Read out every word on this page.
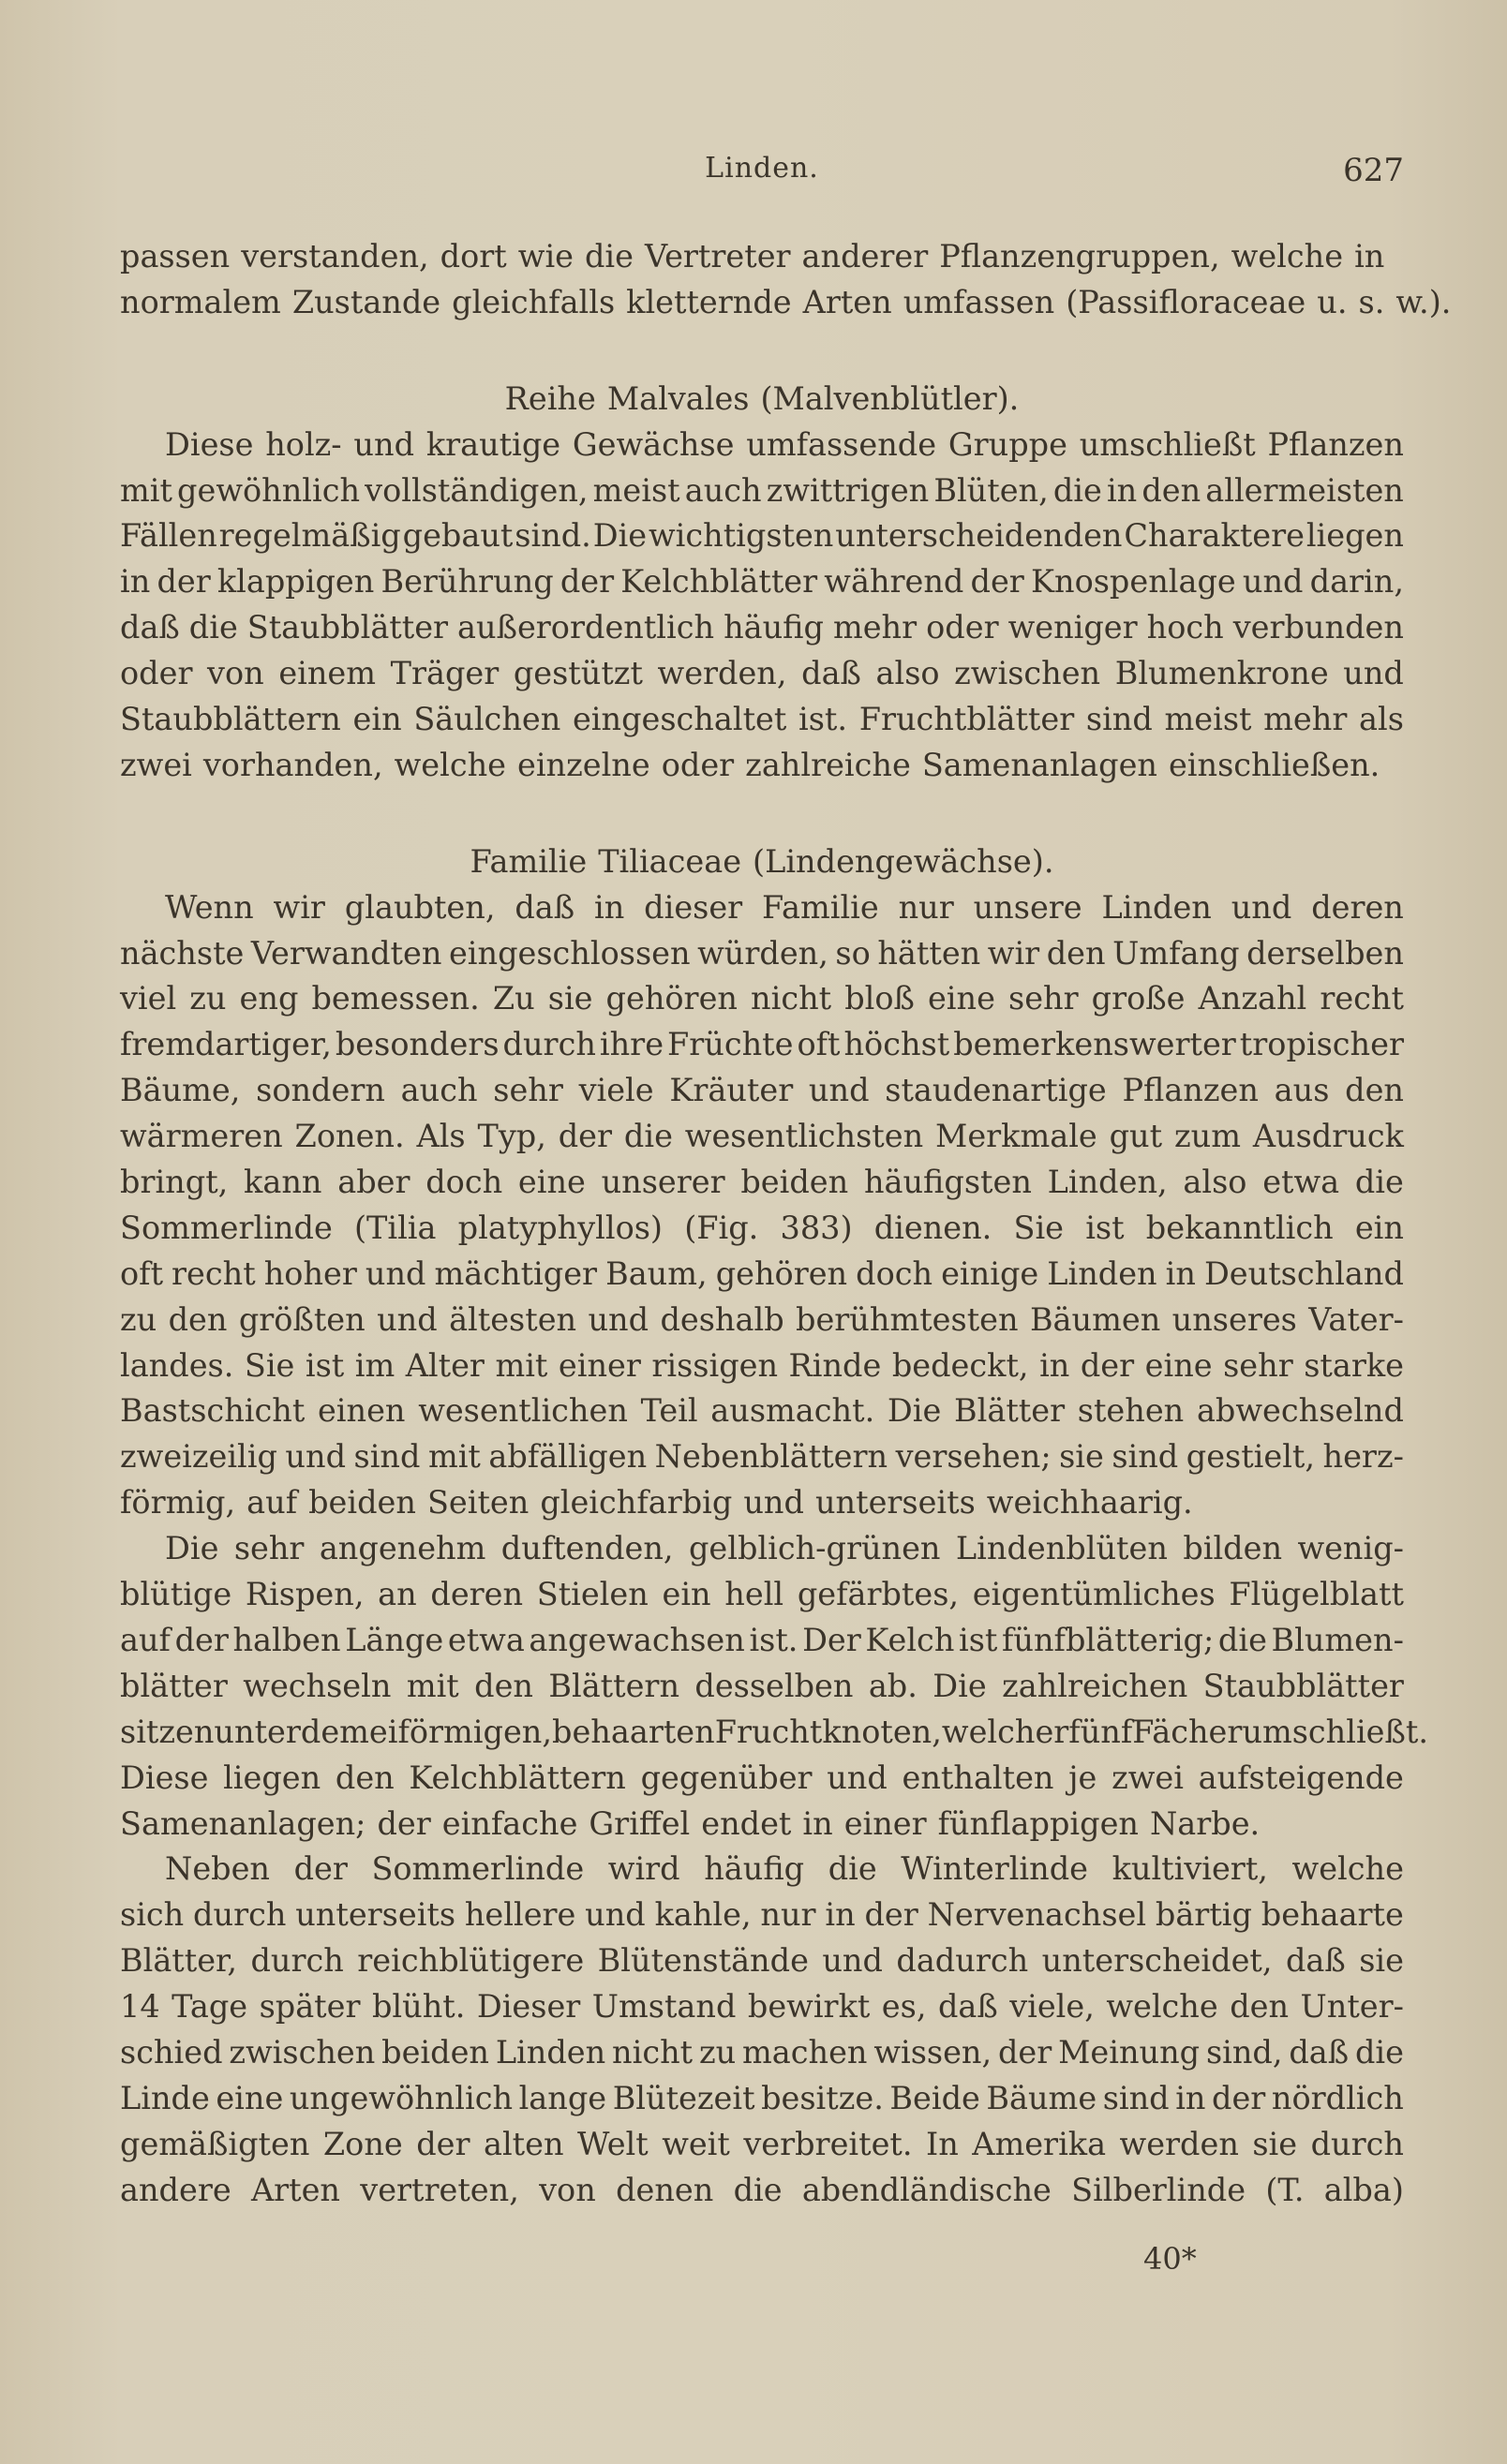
Linden.	627
passen verstanden, dort wie die Vertreter anderer Pflanzengruppen, welche in
normalem Zustande gleichfalls kletternde Arten umfassen (Passifloraceae u. s. w.).
Reihe Malvales (Malvenblütler).
Diese holz- und krautige Gewächse umfassende Gruppe umschließt Pflanzen
mit gewöhnlich vollständigen, meist auch zwittrigen Blüten, die in den allermeisten
Fällen regelmäßig gebaut sind. Die wichtigsten unterscheidenden Charaktere liegen
in der klappigen Berührung der Kelchblätter während der Knospenlage und darin,
daß die Staubblätter außerordentlich häufig mehr oder weniger hoch verbunden
oder von einem Träger gestützt werden, daß also zwischen Blumenkrone und
Staubblättern ein Säulchen eingeschaltet ist. Fruchtblätter sind meist mehr als
zwei vorhanden, welche einzelne oder zahlreiche Samenanlagen einschließen.
Familie Tiliaceae (Lindengewächse).
Wenn wir glaubten, daß in dieser Familie nur unsere Linden und deren
nächste Verwandten eingeschlossen würden, so hätten wir den Umfang derselben
viel zu eng bemessen. Zu sie gehören nicht bloß eine sehr große Anzahl recht
fremdartiger, besonders durch ihre Früchte oft höchst bemerkenswerter tropischer
Bäume, sondern auch sehr viele Kräuter und staudenartige Pflanzen aus den
wärmeren Zonen. Als Typ, der die wesentlichsten Merkmale gut zum Ausdruck
bringt, kann aber doch eine unserer beiden häufigsten Linden, also etwa die
Sommerlinde (Tilia platyphyllos) (Fig. 383) dienen. Sie ist bekanntlich ein
oft recht hoher und mächtiger Baum, gehören doch einige Linden in Deutschland
zu den größten und ältesten und deshalb berühmtesten Bäumen unseres Vater-
landes. Sie ist im Alter mit einer rissigen Rinde bedeckt, in der eine sehr starke
Bastschicht einen wesentlichen Teil ausmacht. Die Blätter stehen abwechselnd
zweizeilig und sind mit abfälligen Nebenblättern versehen; sie sind gestielt, herz-
förmig, auf beiden Seiten gleichfarbig und unterseits weichhaarig.
Die sehr angenehm duftenden, gelblich-grünen Lindenblüten bilden wenig-
blütige Rispen, an deren Stielen ein hell gefärbtes, eigentümliches Flügelblatt
auf der halben Länge etwa angewachsen ist. Der Kelch ist fünfblätterig; die Blumen-
blätter wechseln mit den Blättern desselben ab. Die zahlreichen Staubblätter
sitzen unter dem eiförmigen, behaarten Fruchtknoten, welcher fünf Fächer umschließt.
Diese liegen den Kelchblättern gegenüber und enthalten je zwei aufsteigende
Samenanlagen; der einfache Griffel endet in einer fünflappigen Narbe.
Neben der Sommerlinde wird häufig die Winterlinde kultiviert, welche
sich durch unterseits hellere und kahle, nur in der Nervenachsel bärtig behaarte
Blätter, durch reichblütigere Blütenstände und dadurch unterscheidet, daß sie
14 Tage später blüht. Dieser Umstand bewirkt es, daß viele, welche den Unter-
schied zwischen beiden Linden nicht zu machen wissen, der Meinung sind, daß die
Linde eine ungewöhnlich lange Blütezeit besitze. Beide Bäume sind in der nördlich
gemäßigten Zone der alten Welt weit verbreitet. In Amerika werden sie durch
andere Arten vertreten, von denen die abendländische Silberlinde (T. alba)
40*
